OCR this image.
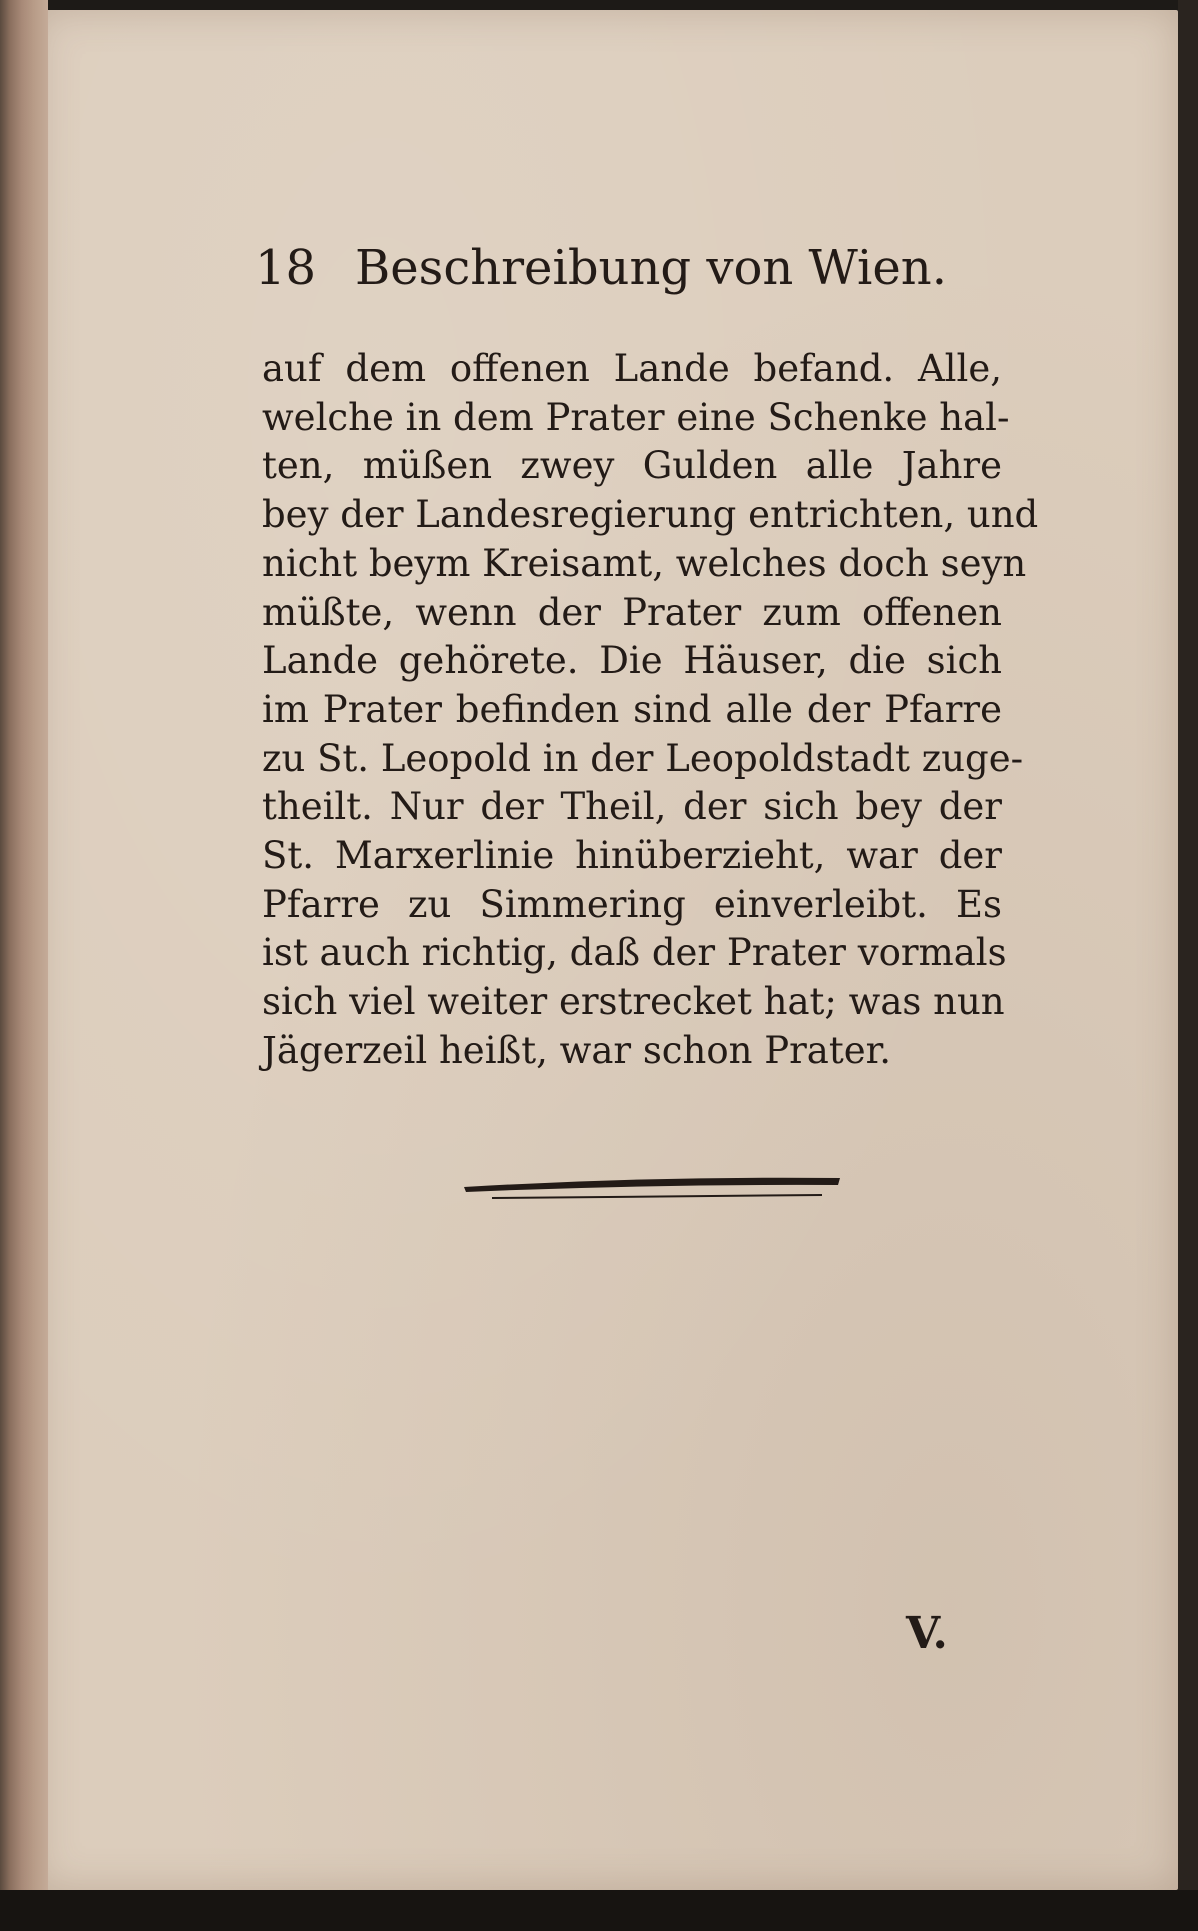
18 Beschreibung von Wien.
auf dem offenen Lande befand. Alle,
welche in dem Prater eine Schenke hal-
ten, müßen zwey Gulden alle Jahre
bey der Landesregierung entrichten, und
nicht beym Kreisamt, welches doch seyn
müßte, wenn der Prater zum offenen
Lande gehörete. Die Häuser, die sich
im Prater befinden sind alle der Pfarre
zu St. Leopold in der Leopoldstadt zuge-
theilt. Nur der Theil, der sich bey der
St. Marxerlinie hinüberzieht, war der
Pfarre zu Simmering einverleibt. Es
ist auch richtig, daß der Prater vormals
sich viel weiter erstrecket hat; was nun
Jägerzeil heißt, war schon Prater.
V.
